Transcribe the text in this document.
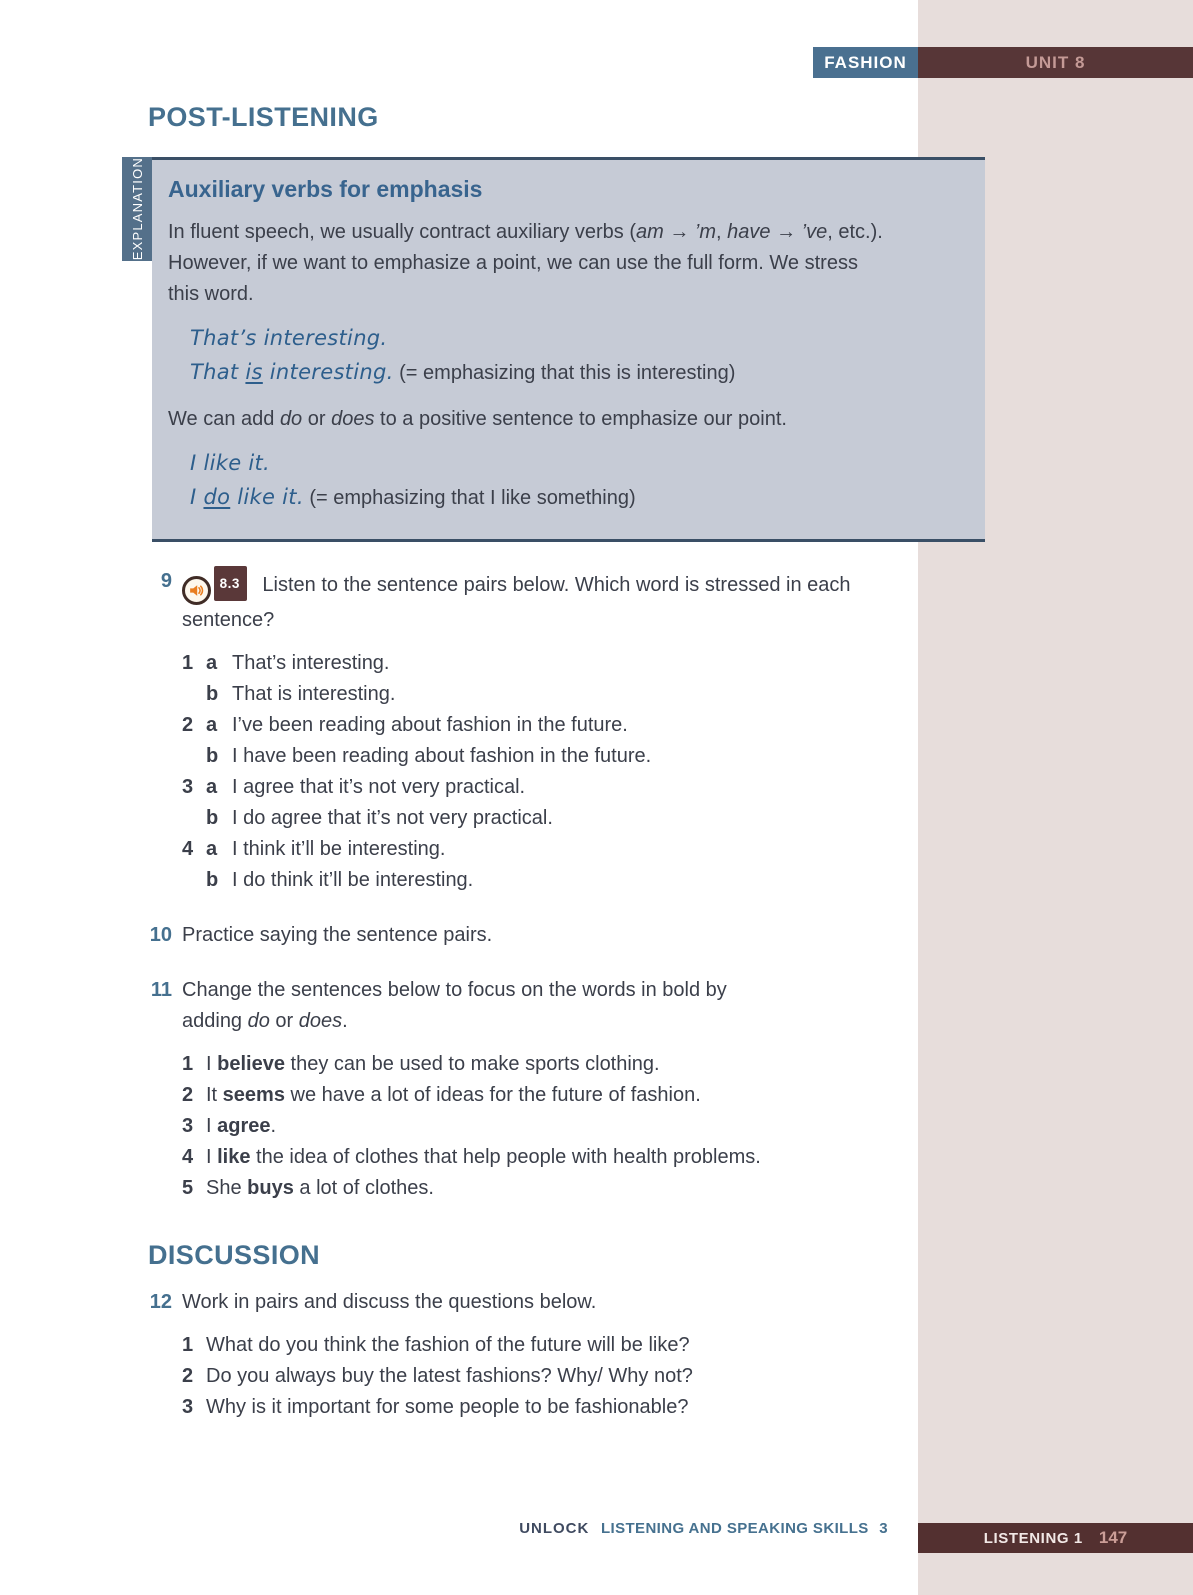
FASHION	UNIT 8
POST-LISTENING
EXPLANATION Auxiliary verbs for emphasis
In fluent speech, we usually contract auxiliary verbs (am → ’m, have → ’ve, etc.).
However, if we want to emphasize a point, we can use the full form. We stress
this word.
That’s interesting.
That is interesting. (= emphasizing that this is interesting)
We can add do or does to a positive sentence to emphasize our point.
I like it.
I do like it. (= emphasizing that I like something)
9	8.3 Listen to the sentence pairs below. Which word is stressed in each
sentence?
1 a That’s interesting.
b That is interesting.
2 a I’ve been reading about fashion in the future.
b I have been reading about fashion in the future.
3 a I agree that it’s not very practical.
b I do agree that it’s not very practical.
4 a I think it’ll be interesting.
b I do think it’ll be interesting.
10 Practice saying the sentence pairs.
11 Change the sentences below to focus on the words in bold by
adding do or does.
1 I believe they can be used to make sports clothing.
2 It seems we have a lot of ideas for the future of fashion.
3 I agree.
4 I like the idea of clothes that help people with health problems.
5 She buys a lot of clothes.
DISCUSSION
12 Work in pairs and discuss the questions below.
1 What do you think the fashion of the future will be like?
2 Do you always buy the latest fashions? Why/ Why not?
3 Why is it important for some people to be fashionable?
UNLOCK LISTENING AND SPEAKING SKILLS 3
LISTENING 1 147
